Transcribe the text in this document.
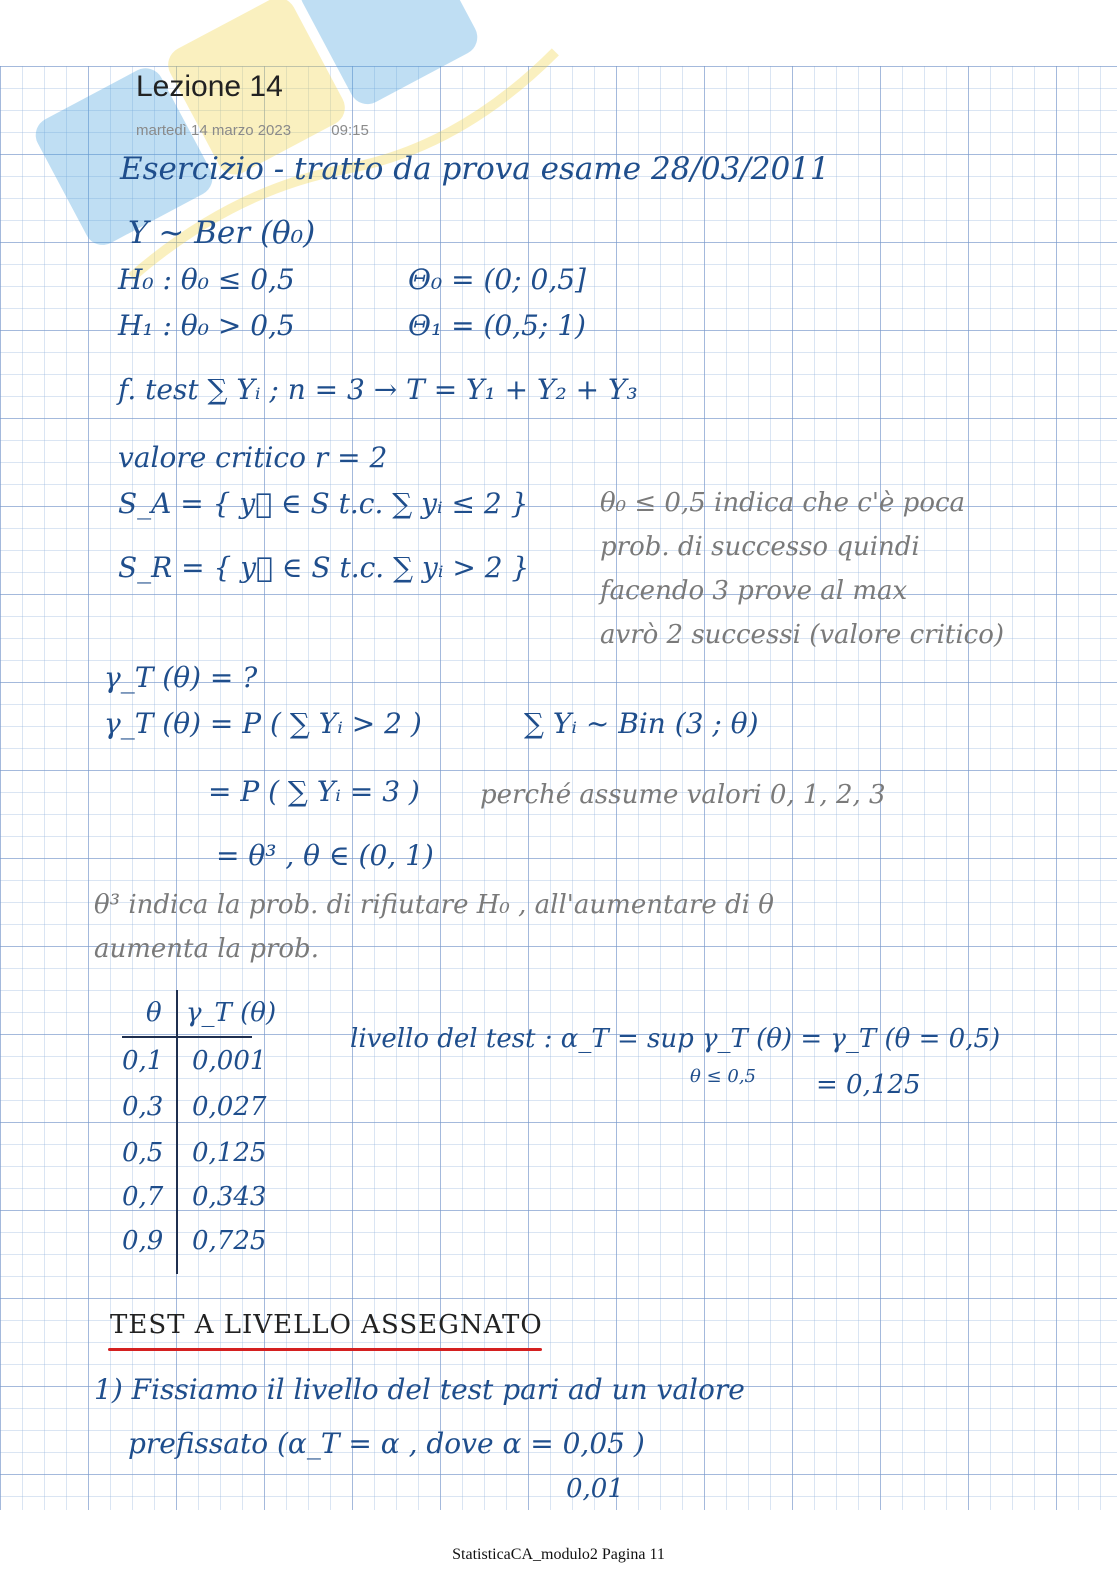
Lezione 14
martedì 14 marzo 2023	09:15
Esercizio - tratto da prova esame 28/03/2011
Y ~ Ber (θ₀)
H₀ : θ₀ ≤ 0,5
H₁ : θ₀ > 0,5
Θ₀ = (0; 0,5]
Θ₁ = (0,5; 1)
f. test ∑ Yᵢ ; n = 3 → T = Y₁ + Y₂ + Y₃
valore critico r = 2
S_A = { y⃗ ∈ S t.c. ∑ yᵢ ≤ 2 }
S_R = { y⃗ ∈ S t.c. ∑ yᵢ > 2 }
θ₀ ≤ 0,5 indica che c'è poca
prob. di successo quindi
facendo 3 prove al max
avrò 2 successi (valore critico)
γ_T (θ) = ?
γ_T (θ) = P ( ∑ Yᵢ > 2 )	∑ Yᵢ ~ Bin (3 ; θ)
= P ( ∑ Yᵢ = 3 ) perché assume valori 0, 1, 2, 3
= θ³ , θ ∈ (0, 1)
θ³ indica la prob. di rifiutare H₀ , all'aumentare di θ
aumenta la prob.
livello del test : α_T = sup γ_T (θ) = γ_T (θ = 0,5)
θ ≤ 0,5 = 0,125
θ γ_T (θ)
0,1 0,001
0,3 0,027
0,5 0,125
0,7 0,343
0,9 0,725
TEST A LIVELLO ASSEGNATO
1) Fissiamo il livello del test pari ad un valore
prefissato (α_T = α , dove α = 0,05 )
0,01
StatisticaCA_modulo2 Pagina 11
